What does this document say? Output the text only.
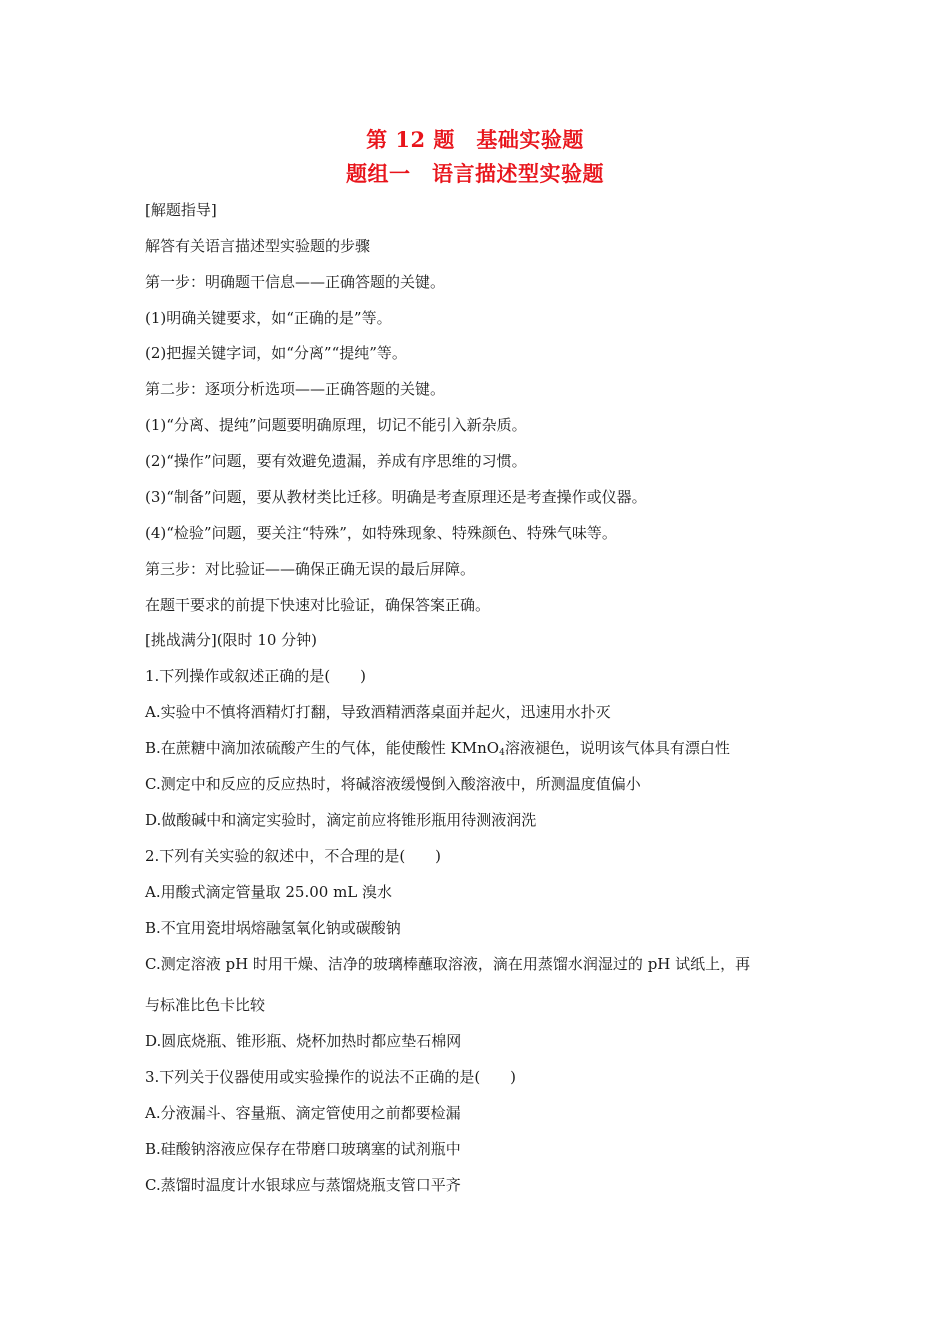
第 12 题　基础实验题
题组一　语言描述型实验题
[解题指导]
解答有关语言描述型实验题的步骤
第一步：明确题干信息——正确答题的关键。
(1)明确关键要求，如“正确的是”等。
(2)把握关键字词，如“分离”“提纯”等。
第二步：逐项分析选项——正确答题的关键。
(1)“分离、提纯”问题要明确原理，切记不能引入新杂质。
(2)“操作”问题，要有效避免遗漏，养成有序思维的习惯。
(3)“制备”问题，要从教材类比迁移。明确是考查原理还是考查操作或仪器。
(4)“检验”问题，要关注“特殊”，如特殊现象、特殊颜色、特殊气味等。
第三步：对比验证——确保正确无误的最后屏障。
在题干要求的前提下快速对比验证，确保答案正确。
[挑战满分](限时 10 分钟)
1.下列操作或叙述正确的是(　　)
A.实验中不慎将酒精灯打翻，导致酒精洒落桌面并起火，迅速用水扑灭
B.在蔗糖中滴加浓硫酸产生的气体，能使酸性 KMnO$_4$溶液褪色，说明该气体具有漂白性
C.测定中和反应的反应热时，将碱溶液缓慢倒入酸溶液中，所测温度值偏小
D.做酸碱中和滴定实验时，滴定前应将锥形瓶用待测液润洗
2.下列有关实验的叙述中，不合理的是(　　)
A.用酸式滴定管量取 25.00 mL 溴水
B.不宜用瓷坩埚熔融氢氧化钠或碳酸钠
C.测定溶液 pH 时用干燥、洁净的玻璃棒蘸取溶液，滴在用蒸馏水润湿过的 pH 试纸上，再
与标准比色卡比较
D.圆底烧瓶、锥形瓶、烧杯加热时都应垫石棉网
3.下列关于仪器使用或实验操作的说法不正确的是(　　)
A.分液漏斗、容量瓶、滴定管使用之前都要检漏
B.硅酸钠溶液应保存在带磨口玻璃塞的试剂瓶中
C.蒸馏时温度计水银球应与蒸馏烧瓶支管口平齐
